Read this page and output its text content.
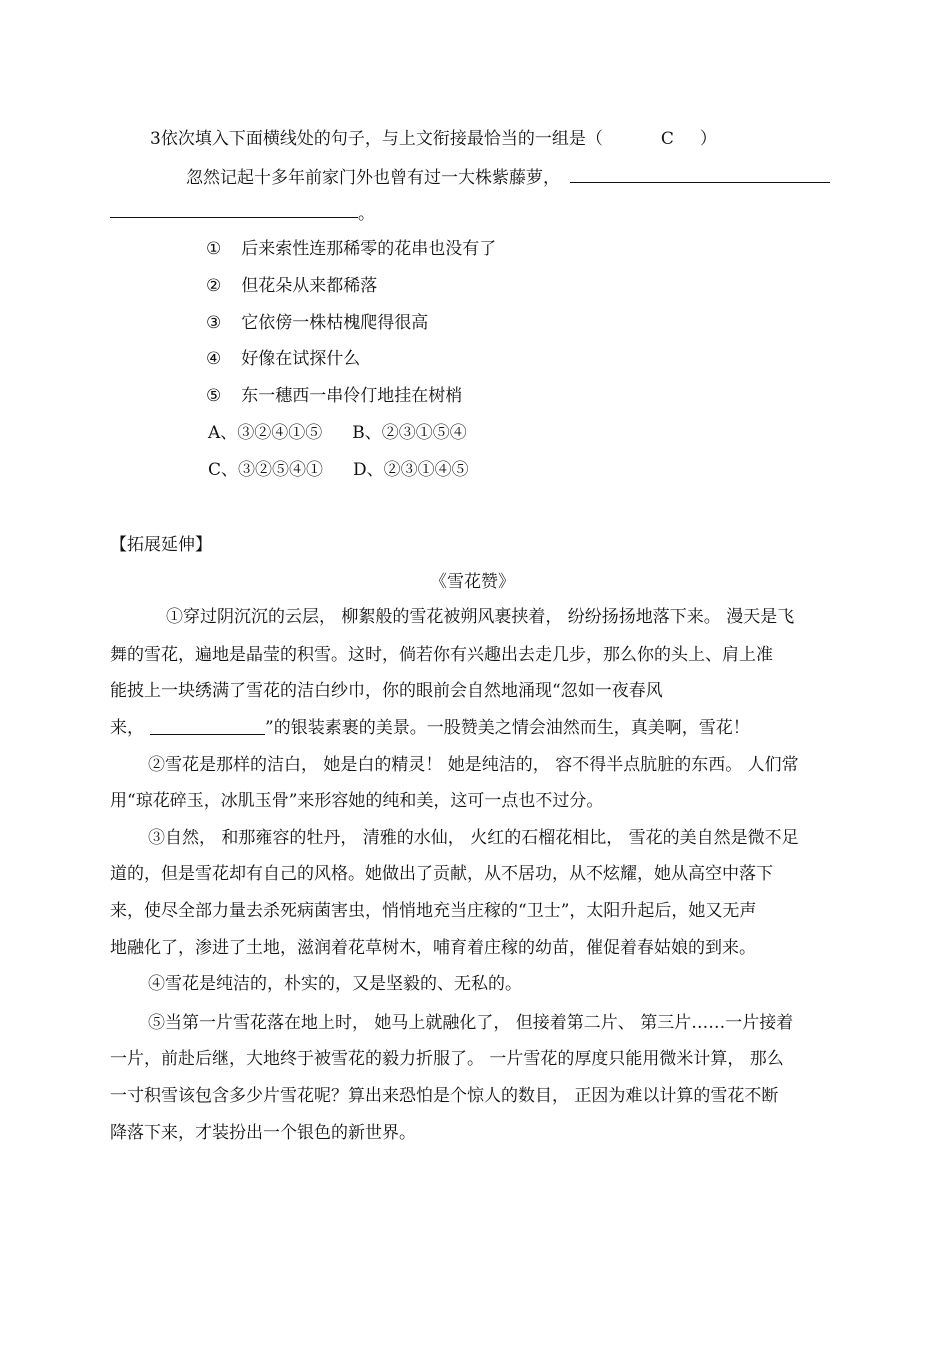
3依次填入下面横线处的句子，与上文衔接最恰当的一组是（	C ）
忽然记起十多年前家门外也曾有过一大株紫藤萝，
。
① 后来索性连那稀零的花串也没有了
② 但花朵从来都稀落
③ 它依傍一株枯槐爬得很高
④ 好像在试探什么
⑤ 东一穗西一串伶仃地挂在树梢
A、③②④①⑤ B、②③①⑤④
C、③②⑤④① D、②③①④⑤
【拓展延伸】
《雪花赞》
①穿过阴沉沉的云层， 柳絮般的雪花被朔风裹挟着， 纷纷扬扬地落下来。 漫天是飞
舞的雪花，遍地是晶莹的积雪。这时，倘若你有兴趣出去走几步，那么你的头上、肩上准
能披上一块绣满了雪花的洁白纱巾，你的眼前会自然地涌现“忽如一夜春风
来，	”的银装素裹的美景。一股赞美之情会油然而生，真美啊，雪花！
②雪花是那样的洁白， 她是白的精灵！ 她是纯洁的， 容不得半点肮脏的东西。 人们常
用“琼花碎玉，冰肌玉骨”来形容她的纯和美，这可一点也不过分。
③自然， 和那雍容的牡丹， 清雅的水仙， 火红的石榴花相比， 雪花的美自然是微不足
道的，但是雪花却有自己的风格。她做出了贡献，从不居功，从不炫耀，她从高空中落下
来，使尽全部力量去杀死病菌害虫，悄悄地充当庄稼的“卫士”，太阳升起后，她又无声
地融化了，渗进了土地，滋润着花草树木，哺育着庄稼的幼苗，催促着春姑娘的到来。
④雪花是纯洁的，朴实的，又是坚毅的、无私的。
⑤当第一片雪花落在地上时， 她马上就融化了， 但接着第二片、 第三片……一片接着
一片，前赴后继，大地终于被雪花的毅力折服了。 一片雪花的厚度只能用微米计算， 那么
一寸积雪该包含多少片雪花呢？算出来恐怕是个惊人的数目， 正因为难以计算的雪花不断
降落下来，才装扮出一个银色的新世界。
